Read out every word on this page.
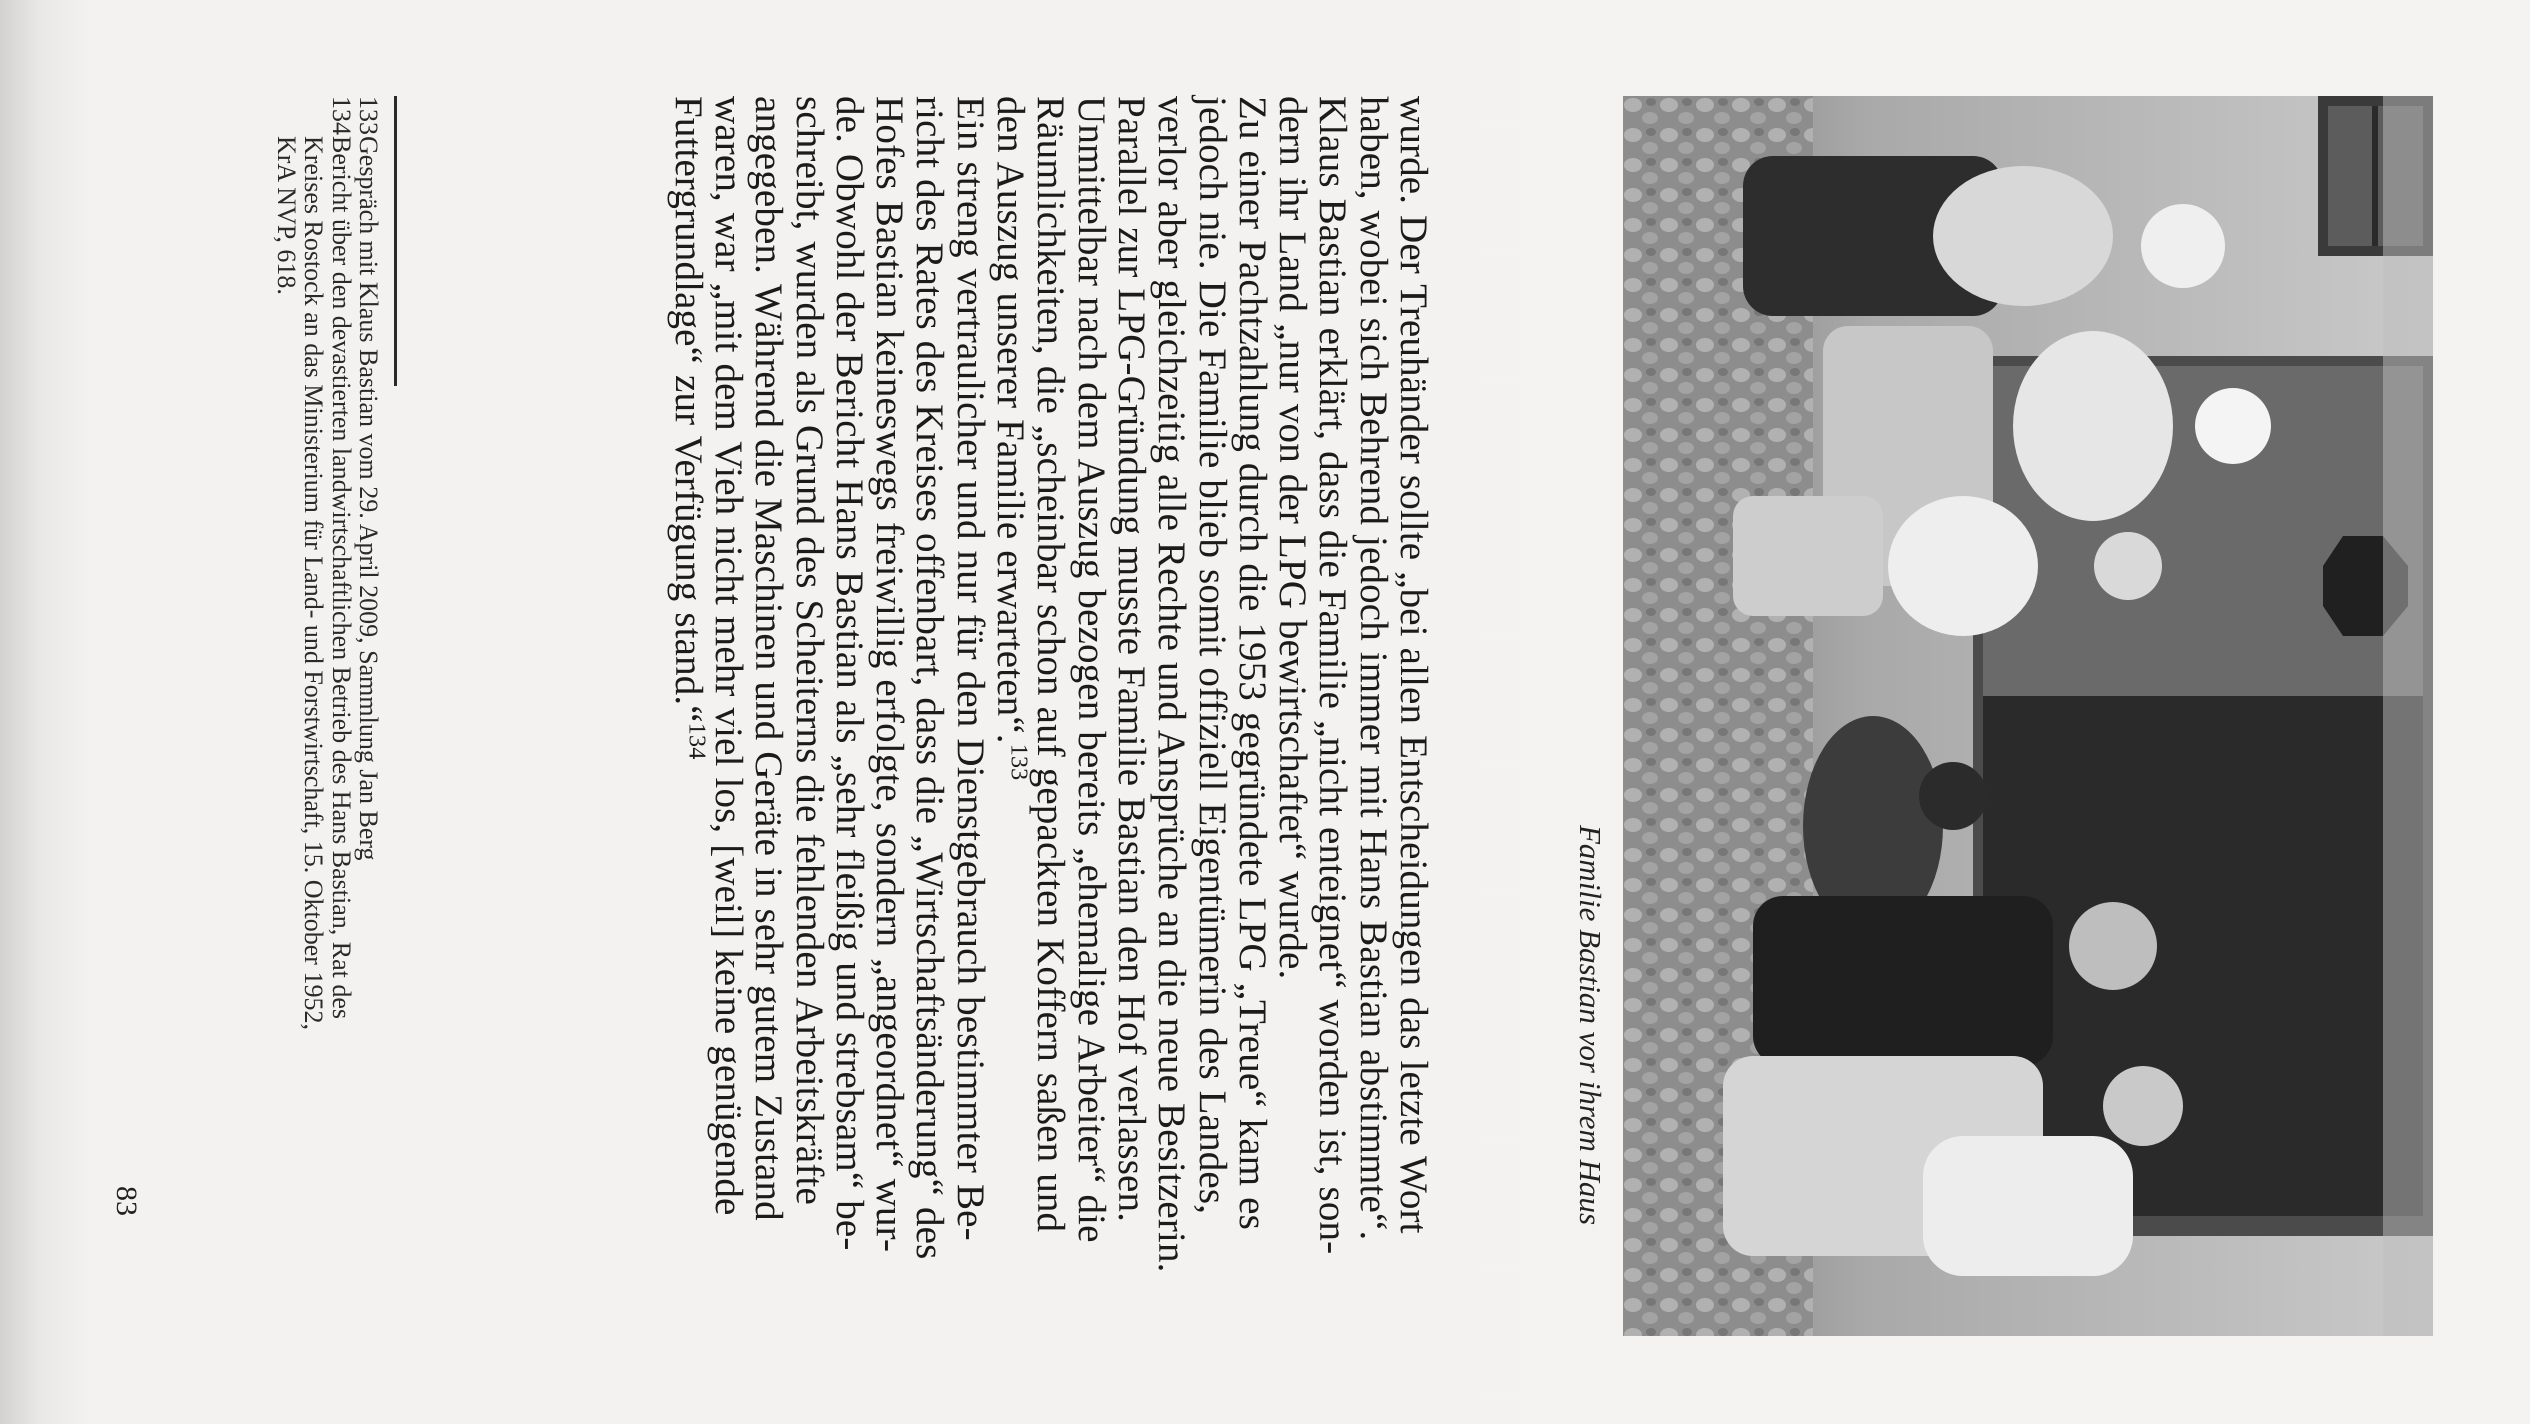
Familie Bastian vor ihrem Haus
wurde. Der Treuhänder sollte „bei allen Entscheidungen das letzte Wort
haben, wobei sich Behrend jedoch immer mit Hans Bastian abstimmte“.
Klaus Bastian erklärt, dass die Familie „nicht enteignet“ worden ist, son-
dern ihr Land „nur von der LPG bewirtschaftet“ wurde.
Zu einer Pachtzahlung durch die 1953 gegründete LPG „Treue“ kam es
jedoch nie. Die Familie blieb somit offiziell Eigentümerin des Landes,
verlor aber gleichzeitig alle Rechte und Ansprüche an die neue Besitzerin.
Parallel zur LPG-Gründung musste Familie Bastian den Hof verlassen.
Unmittelbar nach dem Auszug bezogen bereits „ehemalige Arbeiter“ die
Räumlichkeiten, die „scheinbar schon auf gepackten Koffern saßen und
den Auszug unserer Familie erwarteten“.$^{133}$
Ein streng vertraulicher und nur für den Dienstgebrauch bestimmter Be-
richt des Rates des Kreises offenbart, dass die „Wirtschaftsänderung“ des
Hofes Bastian keineswegs freiwillig erfolgte, sondern „angeordnet“ wur-
de. Obwohl der Bericht Hans Bastian als „sehr fleißig und strebsam“ be-
schreibt, wurden als Grund des Scheiterns die fehlenden Arbeitskräfte
angegeben. Während die Maschinen und Geräte in sehr gutem Zustand
waren, war „mit dem Vieh nicht mehr viel los, [weil] keine genügende
Futtergrundlage“ zur Verfügung stand.“$^{134}$
133Gespräch mit Klaus Bastian vom 29. April 2009, Sammlung Jan Berg
134Bericht über den devastierten landwirtschaftlichen Betrieb des Hans Bastian, Rat des
Kreises Rostock an das Ministerium für Land- und Forstwirtschaft, 15. Oktober 1952,
KrA NVP, 618.
83
